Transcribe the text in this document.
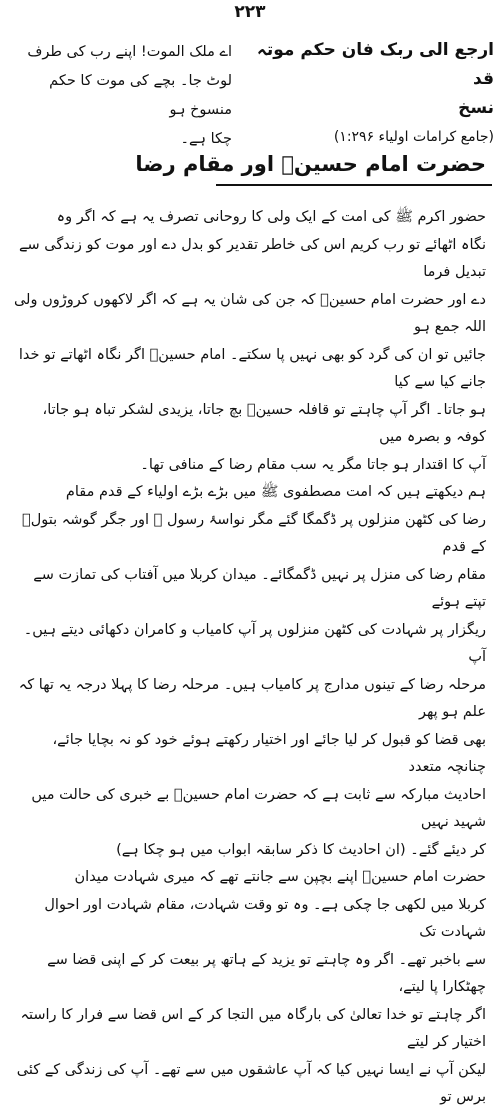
۲۲۳
ارجع الی ربک فان حکم موتہ قد
نسخ
(جامع کرامات اولیاء ۱:۲۹۶)
اے ملک الموت! اپنے رب کی طرف
لوٹ جا۔ بچے کی موت کا حکم منسوخ ہو
چکا ہے۔
حضرت امام حسینؓ اور مقام رضا

حضور اکرم ﷺ کی امت کے ایک ولی کا روحانی تصرف یہ ہے کہ اگر وہ
نگاہ اٹھائے تو رب کریم اس کی خاطر تقدیر کو بدل دے اور موت کو زندگی سے تبدیل فرما
دے اور حضرت امام حسینؓ کہ جن کی شان یہ ہے کہ اگر لاکھوں کروڑوں ولی اللہ جمع ہو
جائیں تو ان کی گرد کو بھی نہیں پا سکتے۔ امام حسینؓ اگر نگاہ اٹھاتے تو خدا جانے کیا سے کیا
ہو جاتا۔ اگر آپ چاہتے تو قافلہ حسینؓ بچ جاتا، یزیدی لشکر تباہ ہو جاتا، کوفہ و بصرہ میں
آپ کا اقتدار ہو جاتا مگر یہ سب مقام رضا کے منافی تھا۔

ہم دیکھتے ہیں کہ امت مصطفوی ﷺ میں بڑے بڑے اولیاء کے قدم مقام
رضا کی کٹھن منزلوں پر ڈگمگا گئے مگر نواسۂ رسول ﷺ اور جگر گوشہ بتولؑ کے قدم
مقام رضا کی منزل پر نہیں ڈگمگائے۔ میدان کربلا میں آفتاب کی تمازت سے تپتے ہوئے
ریگزار پر شہادت کی کٹھن منزلوں پر آپ کامیاب و کامران دکھائی دیتے ہیں۔ آپ
مرحلہ رضا کے تینوں مدارج پر کامیاب ہیں۔ مرحلہ رضا کا پہلا درجہ یہ تھا کہ علم ہو پھر
بھی قضا کو قبول کر لیا جائے اور اختیار رکھتے ہوئے خود کو نہ بچایا جائے، چنانچہ متعدد
احادیث مبارکہ سے ثابت ہے کہ حضرت امام حسینؓ بے خبری کی حالت میں شہید نہیں
کر دیئے گئے۔ (ان احادیث کا ذکر سابقہ ابواب میں ہو چکا ہے)

حضرت امام حسینؓ اپنے بچپن سے جانتے تھے کہ میری شہادت میدان
کربلا میں لکھی جا چکی ہے۔ وہ تو وقت شہادت، مقام شہادت اور احوال شہادت تک
سے باخبر تھے۔ اگر وہ چاہتے تو یزید کے ہاتھ پر بیعت کر کے اپنی قضا سے چھٹکارا پا لیتے،
اگر چاہتے تو خدا تعالیٰ کی بارگاہ میں التجا کر کے اس قضا سے فرار کا راستہ اختیار کر لیتے
لیکن آپ نے ایسا نہیں کیا کہ آپ عاشقوں میں سے تھے۔ آپ کی زندگی کے کئی برس تو
